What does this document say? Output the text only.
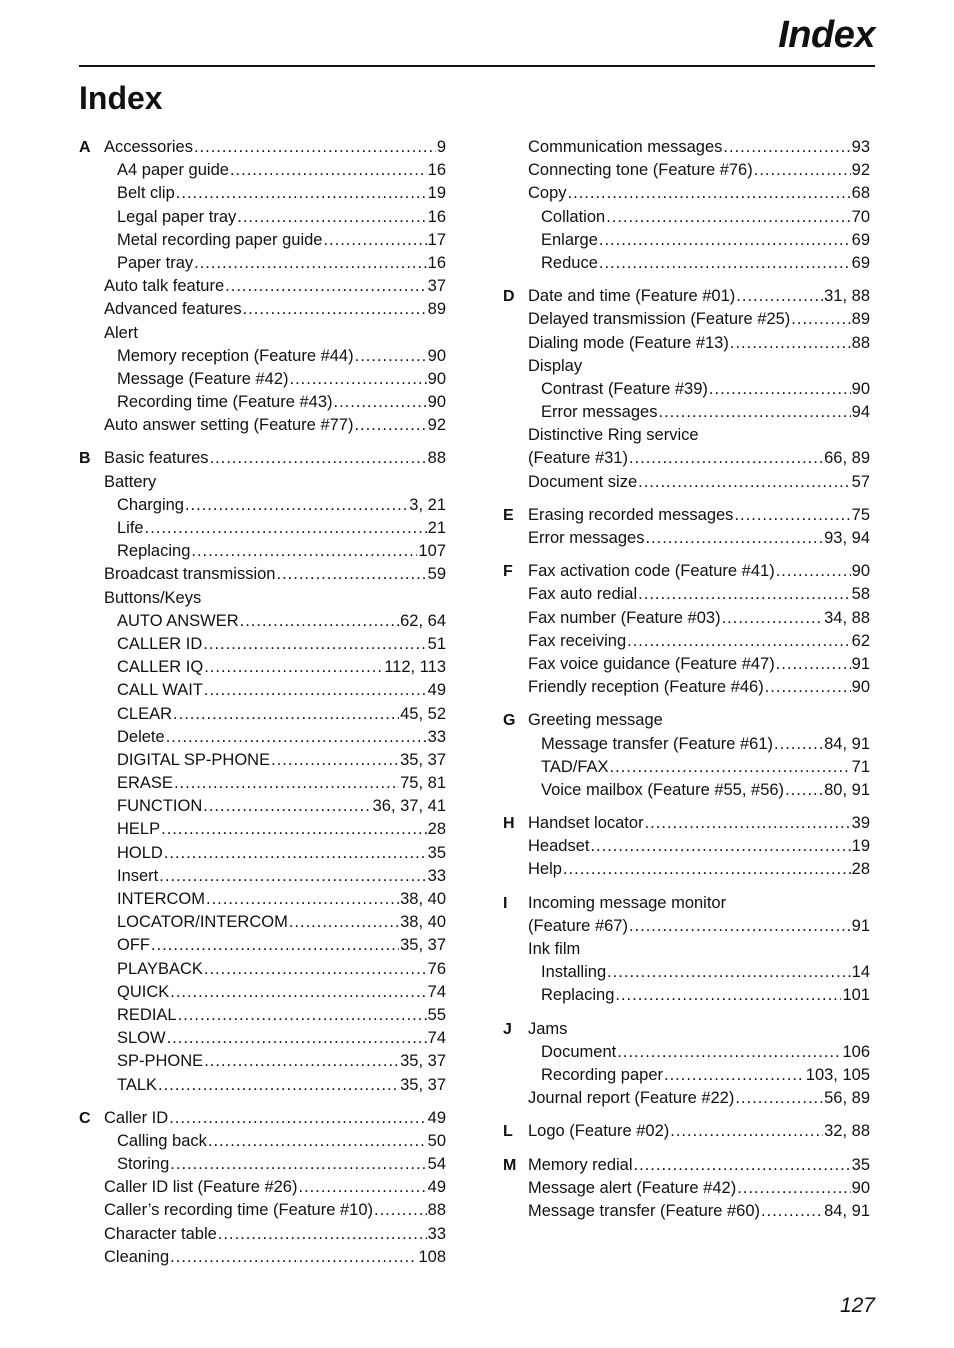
Index
Index
A Accessories .....	9
A4 paper guide .....	16
Belt clip .....	19
Legal paper tray .....	16
Metal recording paper guide .....	17
Paper tray .....	16
Auto talk feature .....	37
Advanced features .....	89
Alert
Memory reception (Feature #44) .....	90
Message (Feature #42) .....	90
Recording time (Feature #43) .....	90
Auto answer setting (Feature #77) .....	92
B Basic features .....	88
Battery
Charging .....	3, 21
Life .....	21
Replacing .....	107
Broadcast transmission .....	59
Buttons/Keys
AUTO ANSWER .....	62, 64
CALLER ID .....	51
CALLER IQ .....	112, 113
CALL WAIT .....	49
CLEAR .....	45, 52
Delete .....	33
DIGITAL SP-PHONE .....	35, 37
ERASE .....	75, 81
FUNCTION .....	36, 37, 41
HELP .....	28
HOLD .....	35
Insert .....	33
INTERCOM .....	38, 40
LOCATOR/INTERCOM .....	38, 40
OFF .....	35, 37
PLAYBACK .....	76
QUICK .....	74
REDIAL .....	55
SLOW .....	74
SP-PHONE .....	35, 37
TALK .....	35, 37
C Caller ID .....	49
Calling back .....	50
Storing .....	54
Caller ID list (Feature #26) .....	49
Caller’s recording time (Feature #10) .....	88
Character table .....	33
Cleaning .....	108
Communication messages .....	93
Connecting tone (Feature #76) .....	92
Copy .....	68
Collation .....	70
Enlarge .....	69
Reduce .....	69
D Date and time (Feature #01) .....	31, 88
Delayed transmission (Feature #25) .....	89
Dialing mode (Feature #13) .....	88
Display
Contrast (Feature #39) .....	90
Error messages .....	94
Distinctive Ring service
(Feature #31) .....	66, 89
Document size .....	57
E Erasing recorded messages .....	75
Error messages .....	93, 94
F Fax activation code (Feature #41) .....	90
Fax auto redial .....	58
Fax number (Feature #03) .....	34, 88
Fax receiving .....	62
Fax voice guidance (Feature #47) .....	91
Friendly reception (Feature #46) .....	90
G Greeting message
Message transfer (Feature #61) .....	84, 91
TAD/FAX .....	71
Voice mailbox (Feature #55, #56) ..... 80, 91
H Handset locator .....	39
Headset .....	19
Help .....	28
I Incoming message monitor
(Feature #67) .....	91
Ink film
Installing .....	14
Replacing .....	101
J Jams
Document .....	106
Recording paper .....	103, 105
Journal report (Feature #22) .....	56, 89
L Logo (Feature #02) .....	32, 88
M Memory redial .....	35
Message alert (Feature #42) .....	90
Message transfer (Feature #60) .....	84, 91
127
